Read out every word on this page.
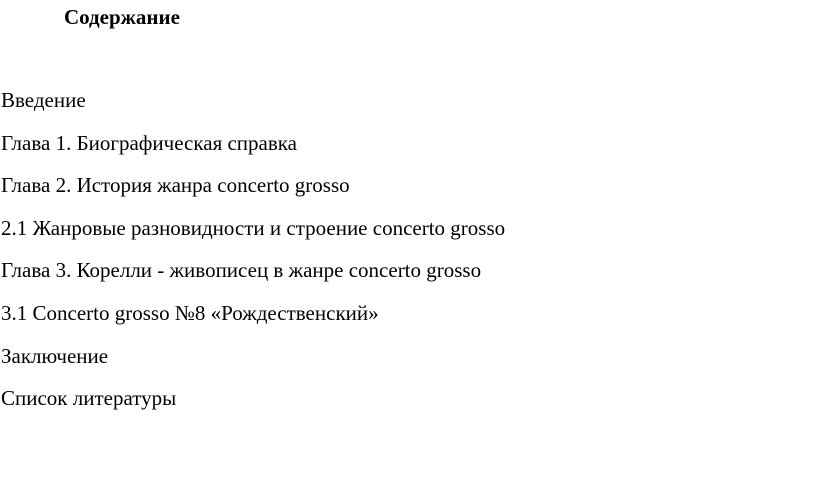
Содержание
Введение
Глава 1. Биографическая справка
Глава 2. История жанра concerto grosso
2.1 Жанровые разновидности и строение concerto grosso
Глава 3. Корелли - живописец в жанре concerto grosso
3.1 Concerto grosso №8 «Рождественский»
Заключение
Список литературы
